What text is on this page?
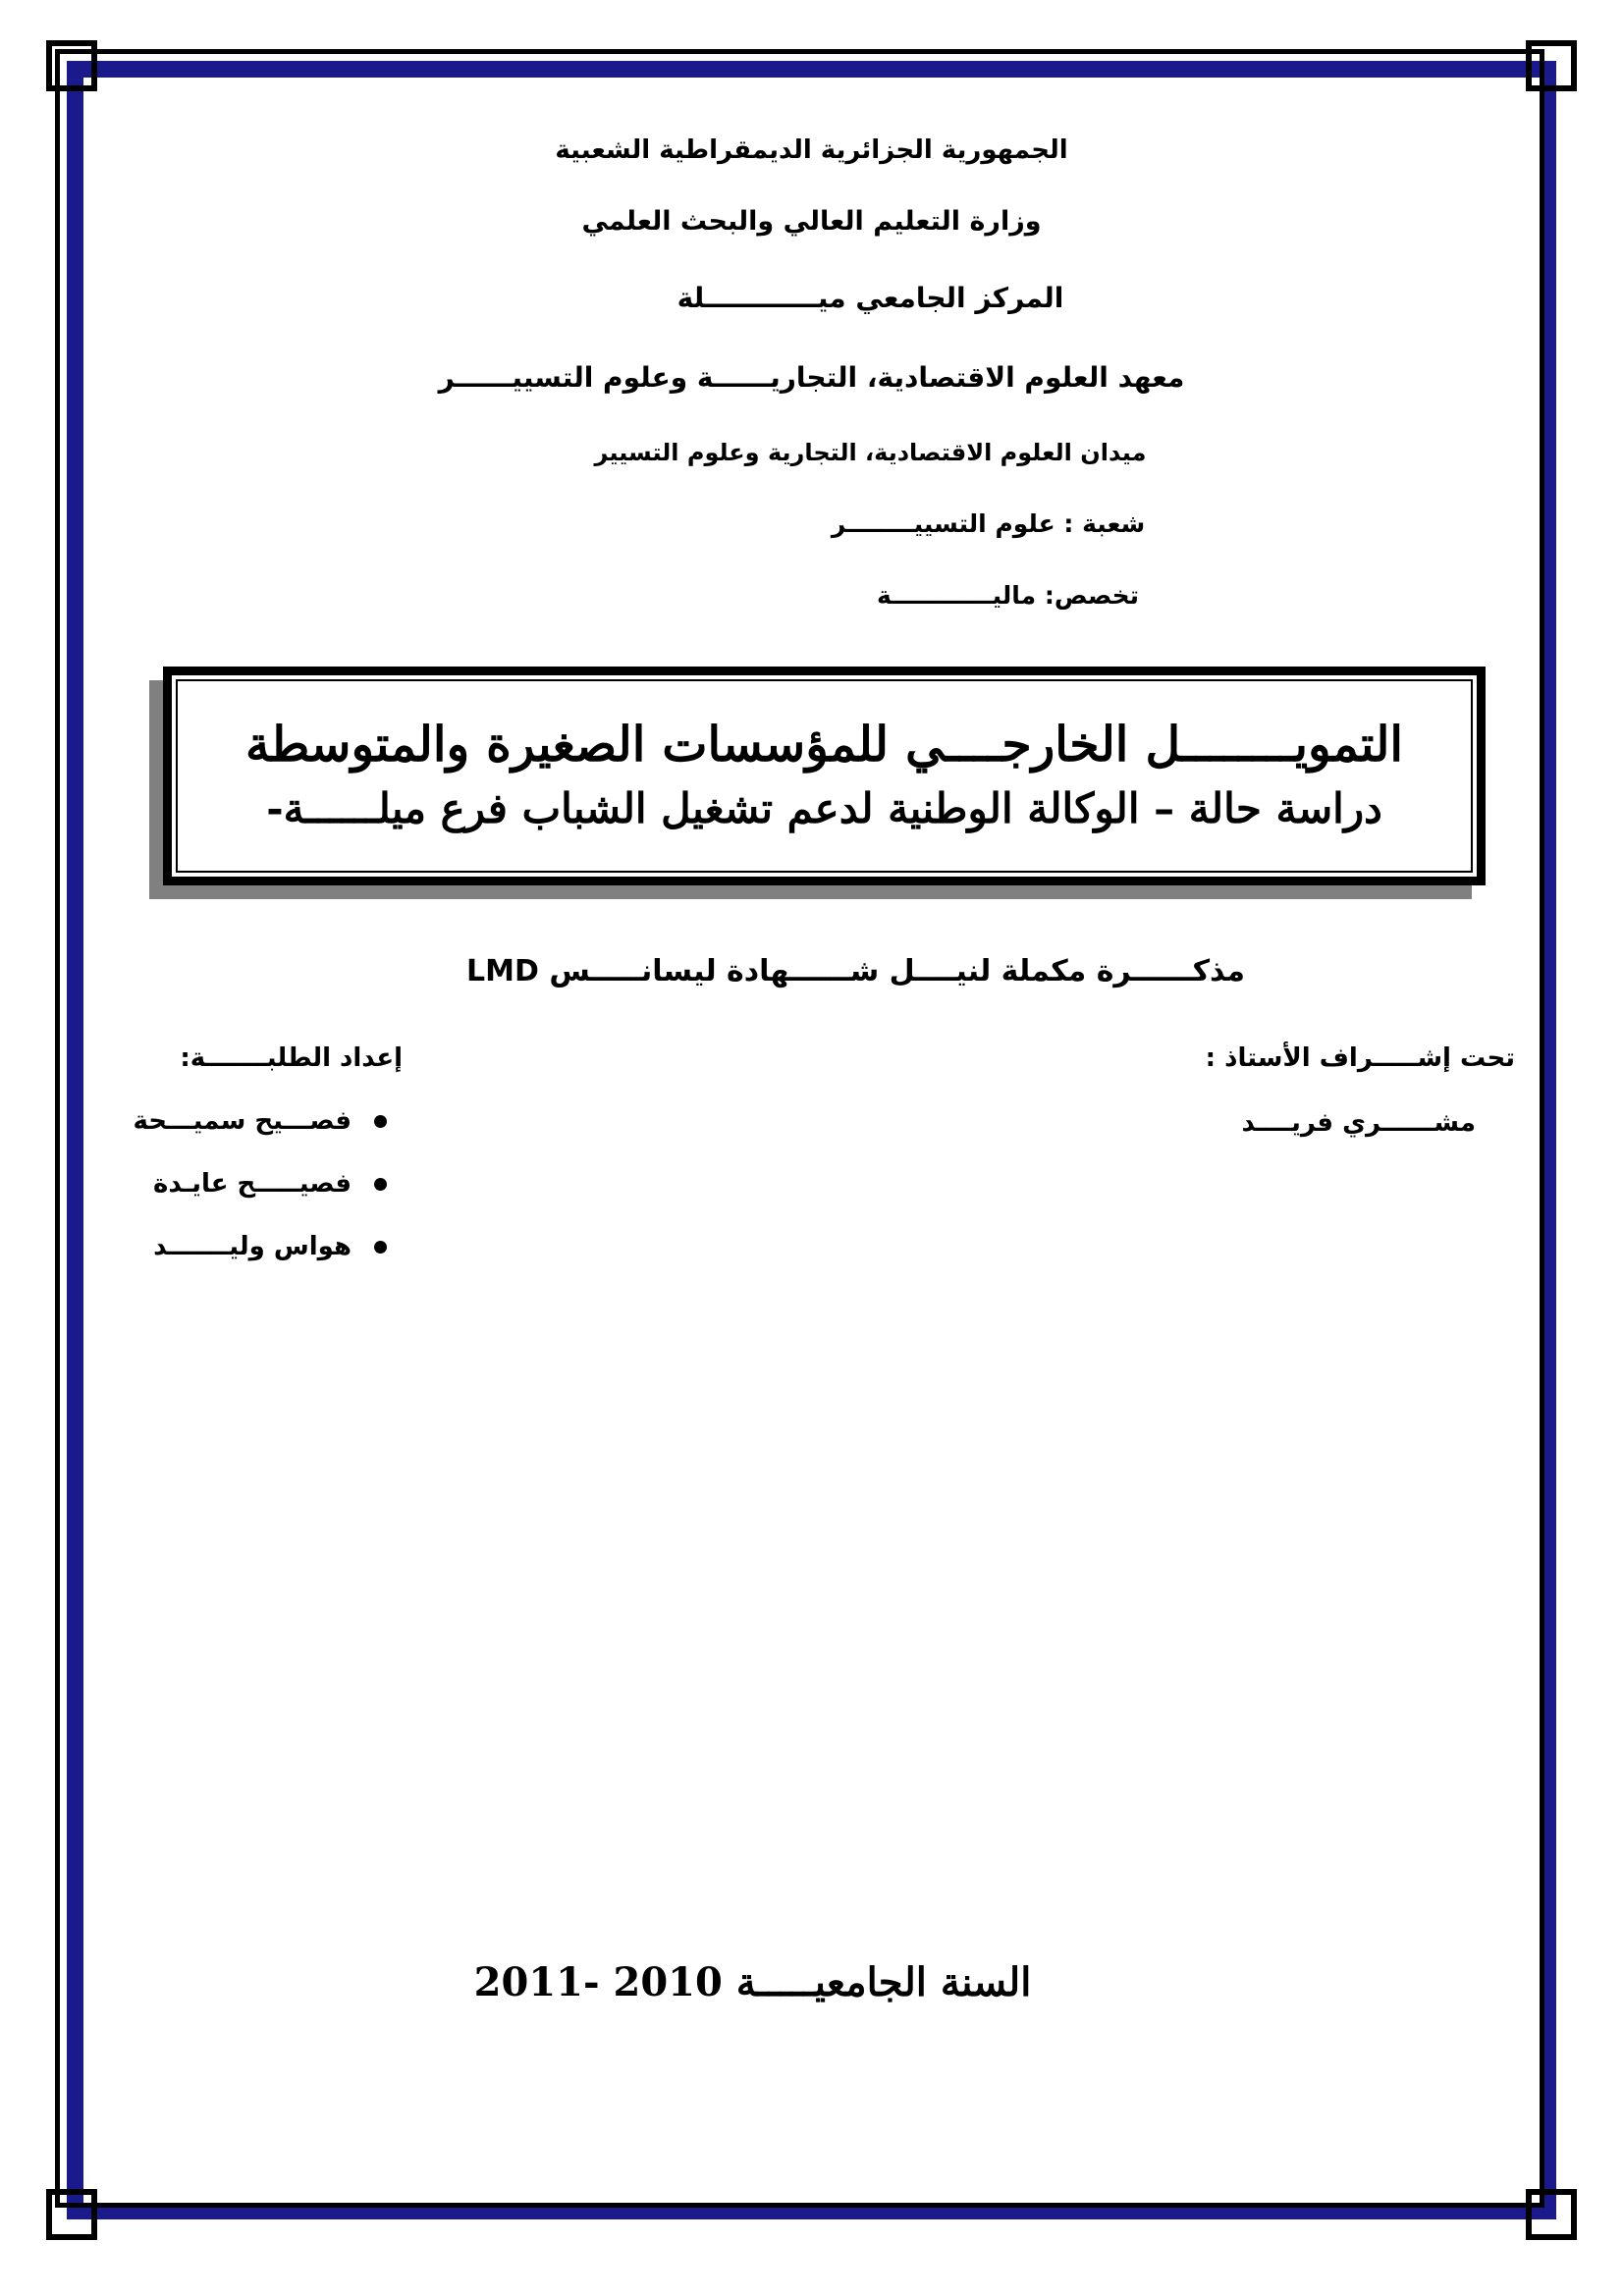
الجمهورية الجزائرية الديمقراطية الشعبية
وزارة التعليم العالي والبحث العلمي
المركز الجامعي ميــــــــــــلة
معهد العلوم الاقتصادية، التجاريــــــة وعلوم التسييــــــر
ميدان العلوم الاقتصادية، التجارية وعلوم التسيير
شعبة : علوم التسييــــــــر
تخصص: ماليــــــــــــة
التمويــــــــل الخارجــــي للمؤسسات الصغيرة والمتوسطة
دراسة حالة – الوكالة الوطنية لدعم تشغيل الشباب فرع ميلــــــة-
مذكــــــرة مكملة لنيــــل شــــــهادة ليسانـــــس LMD
تحت إشـــــراف الأستاذ :
مشــــــري فريــــد
إعداد الطلبـــــــة:
فصـــيح سميـــحة
فصيـــــح عايـدة
هواس وليـــــــد
السنة الجامعيـــــة 2010 -2011
